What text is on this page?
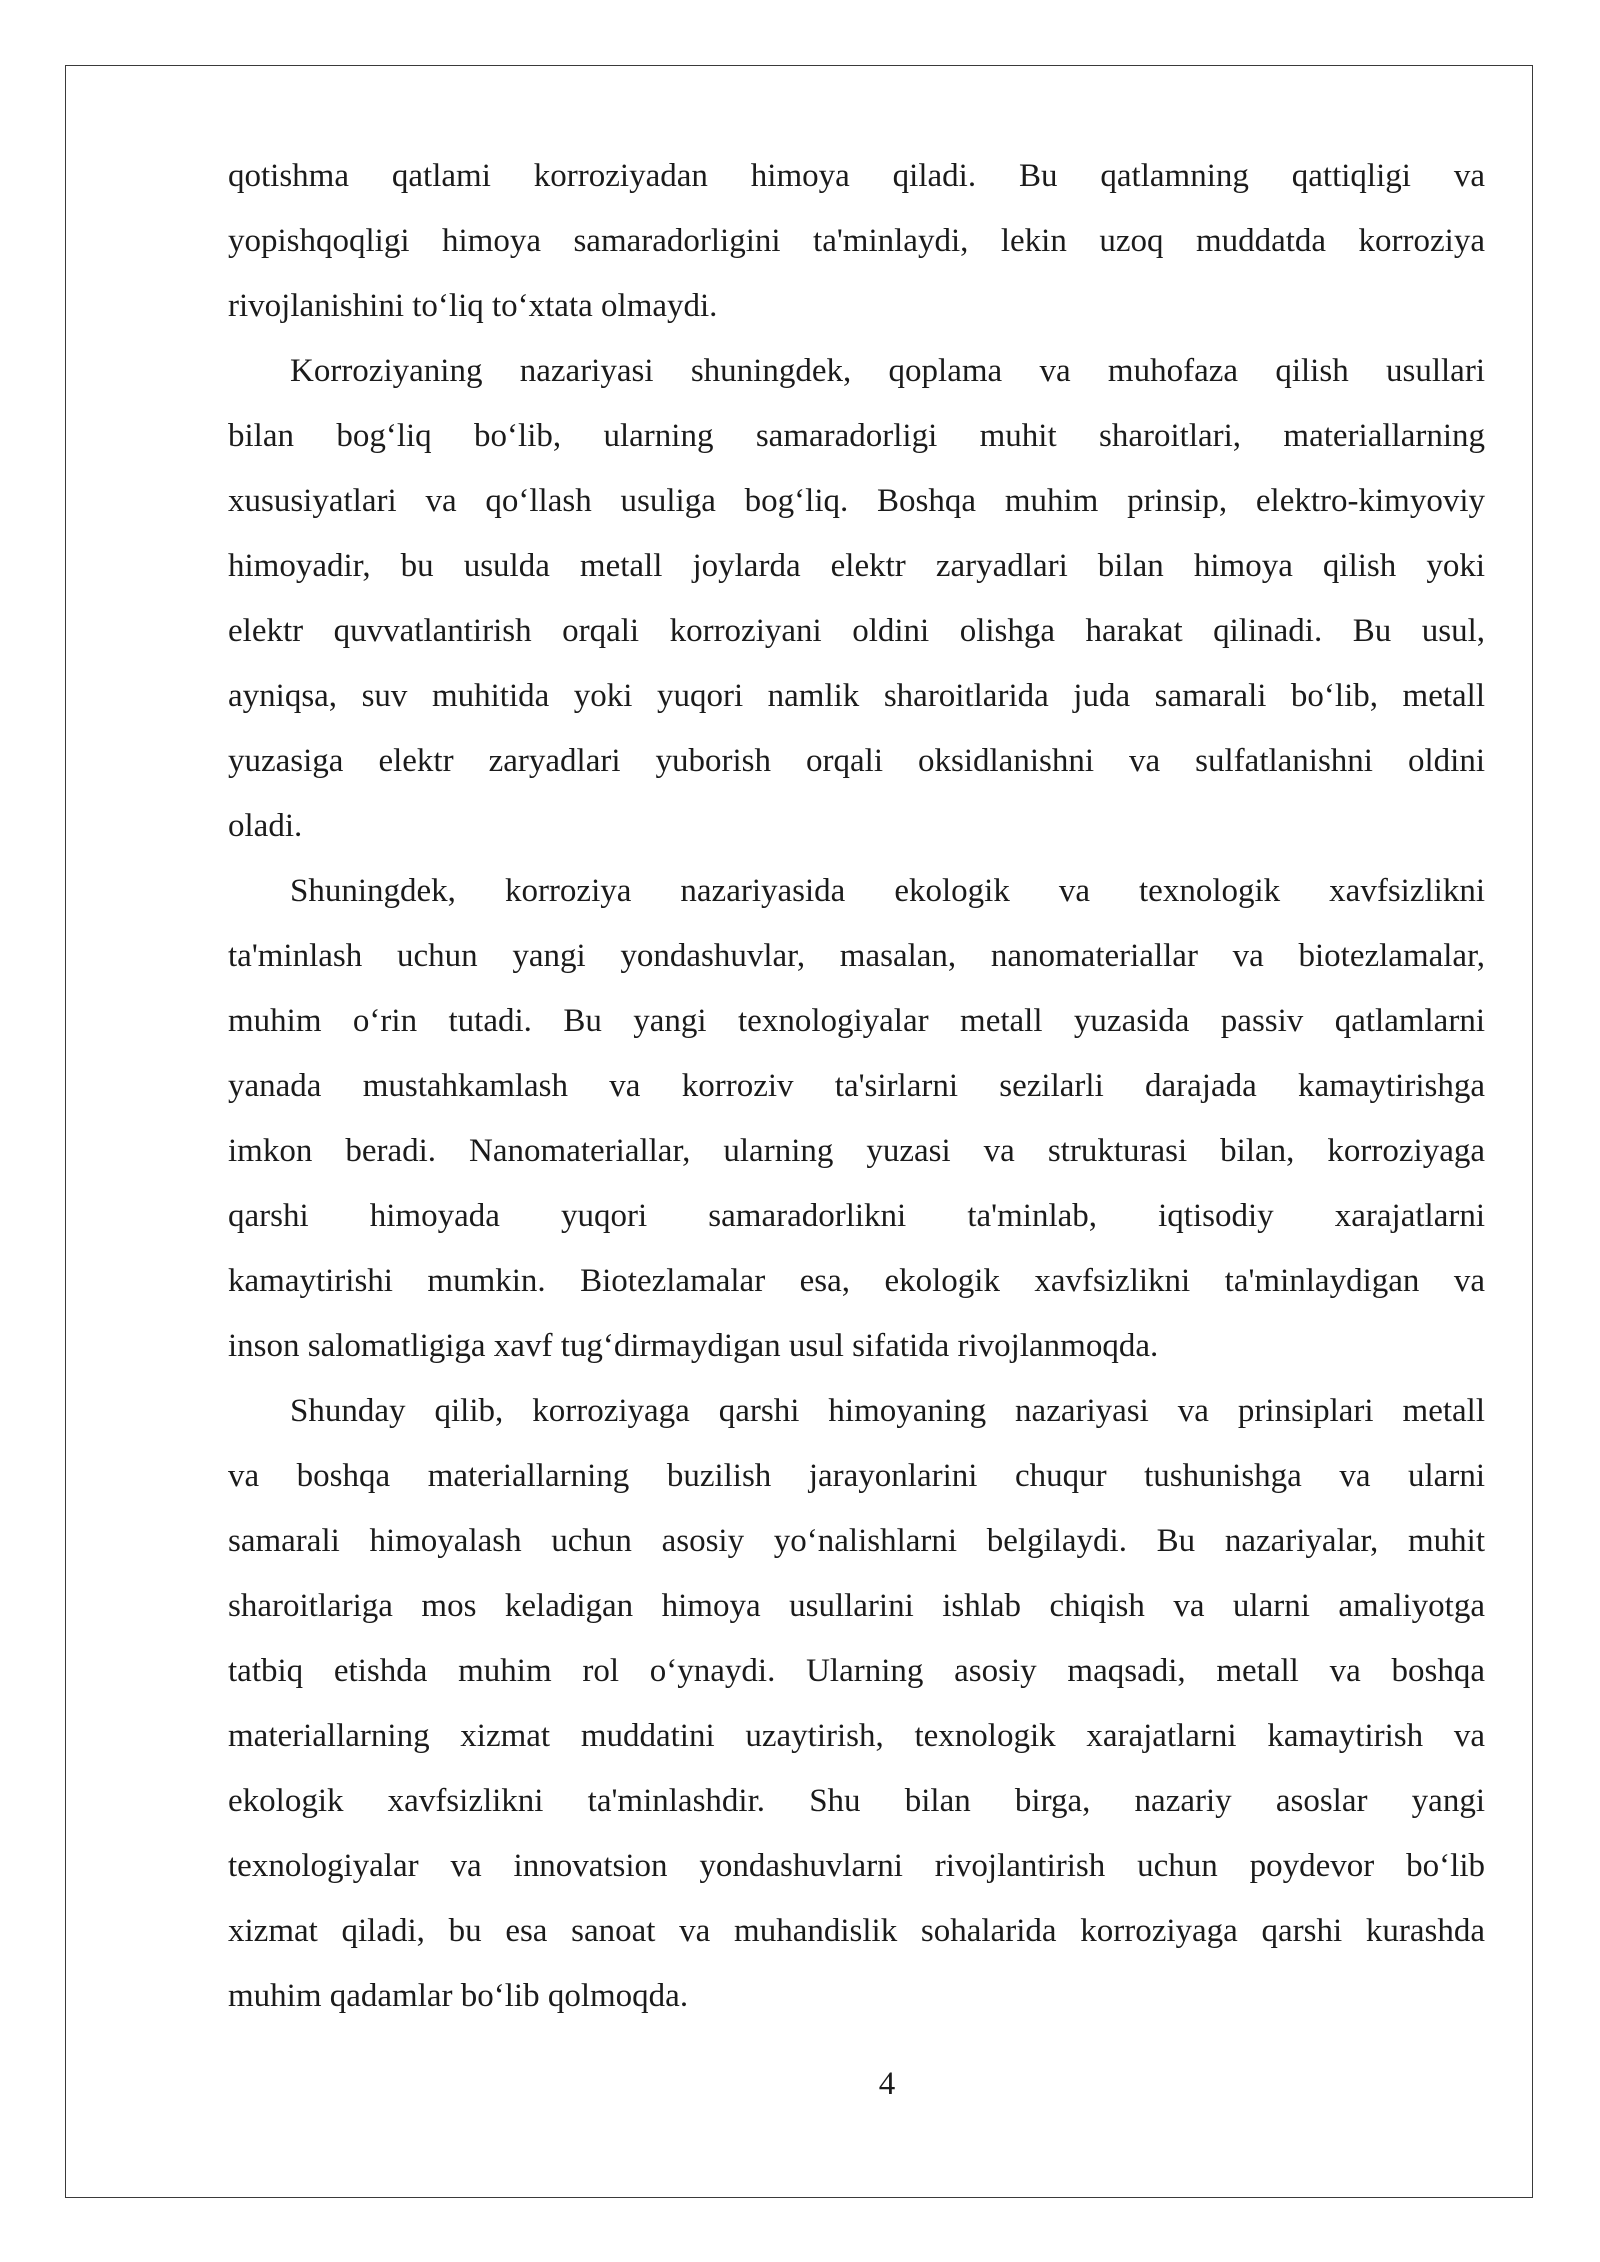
qotishma qatlami korroziyadan himoya qiladi. Bu qatlamning qattiqligi va
yopishqoqligi himoya samaradorligini ta'minlaydi, lekin uzoq muddatda korroziya
rivojlanishini to‘liq to‘xtata olmaydi.
Korroziyaning nazariyasi shuningdek, qoplama va muhofaza qilish usullari
bilan bog‘liq bo‘lib, ularning samaradorligi muhit sharoitlari, materiallarning
xususiyatlari va qo‘llash usuliga bog‘liq. Boshqa muhim prinsip, elektro-kimyoviy
himoyadir, bu usulda metall joylarda elektr zaryadlari bilan himoya qilish yoki
elektr quvvatlantirish orqali korroziyani oldini olishga harakat qilinadi. Bu usul,
ayniqsa, suv muhitida yoki yuqori namlik sharoitlarida juda samarali bo‘lib, metall
yuzasiga elektr zaryadlari yuborish orqali oksidlanishni va sulfatlanishni oldini
oladi.
Shuningdek, korroziya nazariyasida ekologik va texnologik xavfsizlikni
ta'minlash uchun yangi yondashuvlar, masalan, nanomateriallar va biotezlamalar,
muhim o‘rin tutadi. Bu yangi texnologiyalar metall yuzasida passiv qatlamlarni
yanada mustahkamlash va korroziv ta'sirlarni sezilarli darajada kamaytirishga
imkon beradi. Nanomateriallar, ularning yuzasi va strukturasi bilan, korroziyaga
qarshi himoyada yuqori samaradorlikni ta'minlab, iqtisodiy xarajatlarni
kamaytirishi mumkin. Biotezlamalar esa, ekologik xavfsizlikni ta'minlaydigan va
inson salomatligiga xavf tug‘dirmaydigan usul sifatida rivojlanmoqda.
Shunday qilib, korroziyaga qarshi himoyaning nazariyasi va prinsiplari metall
va boshqa materiallarning buzilish jarayonlarini chuqur tushunishga va ularni
samarali himoyalash uchun asosiy yo‘nalishlarni belgilaydi. Bu nazariyalar, muhit
sharoitlariga mos keladigan himoya usullarini ishlab chiqish va ularni amaliyotga
tatbiq etishda muhim rol o‘ynaydi. Ularning asosiy maqsadi, metall va boshqa
materiallarning xizmat muddatini uzaytirish, texnologik xarajatlarni kamaytirish va
ekologik xavfsizlikni ta'minlashdir. Shu bilan birga, nazariy asoslar yangi
texnologiyalar va innovatsion yondashuvlarni rivojlantirish uchun poydevor bo‘lib
xizmat qiladi, bu esa sanoat va muhandislik sohalarida korroziyaga qarshi kurashda
muhim qadamlar bo‘lib qolmoqda.
4
